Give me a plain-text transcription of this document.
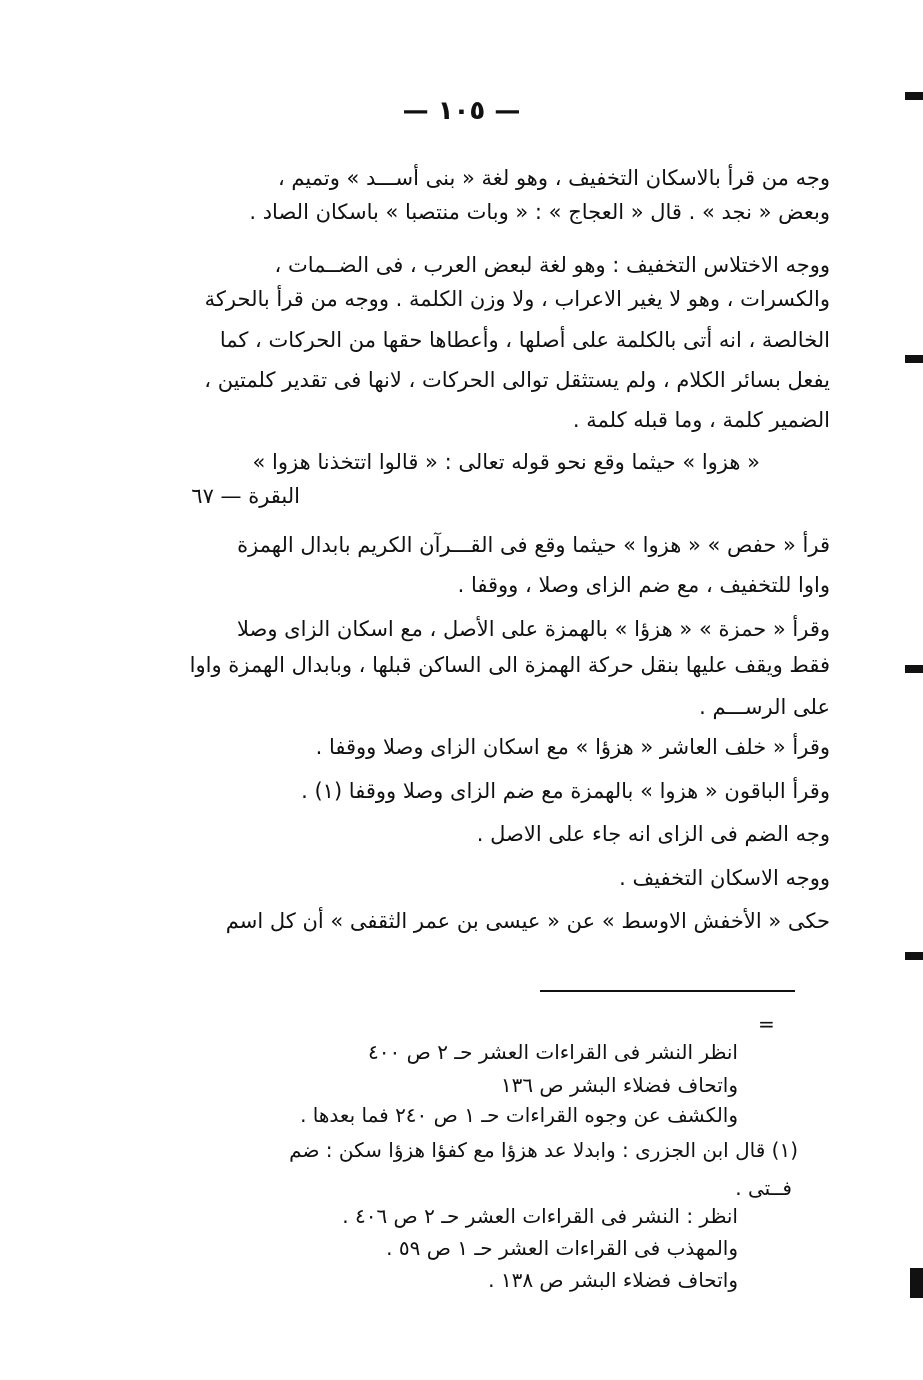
— ١٠٥ —
وجه من قرأ بالاسكان التخفيف ، وهو لغة « بنى أســـد » وتميم ،
وبعض « نجد » . قال « العجاج » : « وبات منتصبا » باسكان الصاد .
ووجه الاختلاس التخفيف : وهو لغة لبعض العرب ، فى الضــمات ،
والكسرات ، وهو لا يغير الاعراب ، ولا وزن الكلمة . ووجه من قرأ بالحركة
الخالصة ، انه أتى بالكلمة على أصلها ، وأعطاها حقها من الحركات ، كما
يفعل بسائر الكلام ، ولم يستثقل توالى الحركات ، لانها فى تقدير كلمتين ،
الضمير كلمة ، وما قبله كلمة .
« هزوا » حيثما وقع نحو قوله تعالى : « قالوا اتتخذنا هزوا »
البقرة — ٦٧
قرأ « حفص » « هزوا » حيثما وقع فى القـــرآن الكريم بابدال الهمزة
واوا للتخفيف ، مع ضم الزاى وصلا ، ووقفا .
وقرأ « حمزة » « هزؤا » بالهمزة على الأصل ، مع اسكان الزاى وصلا
فقط ويقف عليها بنقل حركة الهمزة الى الساكن قبلها ، وبابدال الهمزة واوا
على الرســـم .
وقرأ « خلف العاشر « هزؤا » مع اسكان الزاى وصلا ووقفا .
وقرأ الباقون « هزوا » بالهمزة مع ضم الزاى وصلا ووقفا (١) .
وجه الضم فى الزاى انه جاء على الاصل .
ووجه الاسكان التخفيف .
حكى « الأخفش الاوسط » عن « عيسى بن عمر الثقفى » أن كل اسم
=
انظر النشر فى القراءات العشر حـ ٢ ص ٤٠٠
واتحاف فضلاء البشر ص ١٣٦
والكشف عن وجوه القراءات حـ ١ ص ٢٤٠ فما بعدها .
(١) قال ابن الجزرى : وابدلا عد هزؤا مع كفؤا هزؤا سكن : ضم
فــتى .
انظر : النشر فى القراءات العشر حـ ٢ ص ٤٠٦ .
والمهذب فى القراءات العشر حـ ١ ص ٥٩ .
واتحاف فضلاء البشر ص ١٣٨ .
